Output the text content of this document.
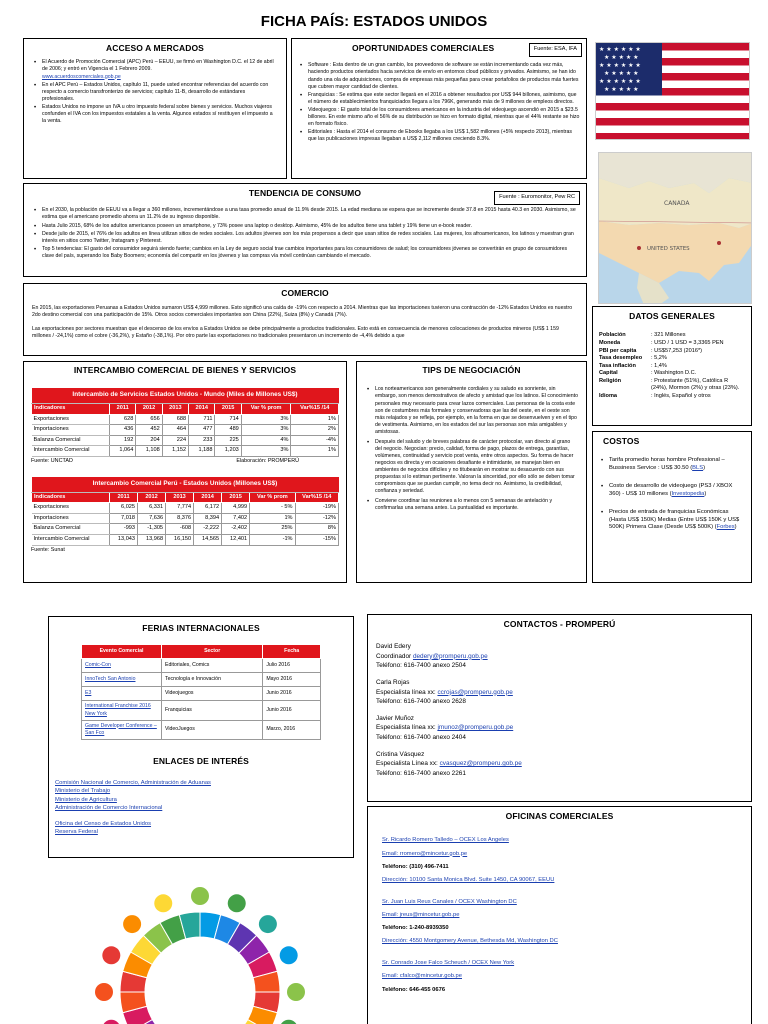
FICHA PAÍS: ESTADOS UNIDOS
ACCESO A MERCADOS
• El Acuerdo de Promoción Comercial (APC) Perú – EEUU, se firmó en Washington D.C. el 12 de abril de 2006; y entró en Vigencia el 1 Febrero 2009.
www.acuerdoscomerciales.gob.pe
• En el APC Perú – Estados Unidos, capítulo 11, puede usted encontrar referencias del acuerdo con respecto a comercio transfronterizo de servicios; capítulo 11-B, desarrollo de estándares profesionales.
• Estados Unidos no impone un IVA u otro impuesto federal sobre bienes y servicios. Muchos viajeros confunden el IVA con los impuestos estatales a la venta. Algunos estados sí restituyen el impuesto a la venta.
OPORTUNIDADES COMERCIALES	Fuente: ESA, IFA
• Software : Esta dentro de un gran cambio, los proveedores de software se están incrementando cada vez más, haciendo productos orientados hacia servicios de envío en entornos cloud públicos y privados. Asimismo, se han ido dando una ola de adquisiciones, compra de empresas más pequeñas para crear portafolios de productos más fuertes que cubren mayor cantidad de clientes.
• Franquicias : Se estima que este sector llegará en el 2016 a obtener resultados por US$ 944 billones, asimismo, que el número de establecimientos franquiciados llegara a los 796K, generando más de 9 millones de empleos directos.
• Videojuegos : El gasto total de los consumidores americanos en la industria del videojuego ascendió en 2015 a $23.5 billones. En este mismo año el 56% de su distribución se hizo en formato digital, mientras que el 44% restante se hizo en formato físico.
• Editoriales : Hasta el 2014 el consumo de Ebooks llegaba a los US$ 1,582 millones (+5% respecto 2013), mientras que las publicaciones impresas llegaban a US$ 2,112 millones creciendo 8.3%.
★ ★ ★ ★ ★ ★
★ ★ ★ ★ ★
★ ★ ★ ★ ★ ★
★ ★ ★ ★ ★
★ ★ ★ ★ ★ ★
★ ★ ★ ★ ★
CANADA
UNITED STATES
TENDENCIA DE CONSUMO	Fuente : Euromonitor, Pew RC
• En el 2030, la población de EEUU va a llegar a 360 millones, incrementándose a una tasa promedio anual de 11.9% desde 2015. La edad mediana se espera que se incremente desde 37.8 en 2015 hasta 40.3 en 2030. Asimismo, se estima que el americano promedio ahorra un 11.2% de su ingreso disponible.
• Hasta Julio 2015, 68% de los adultos americanos poseen un smartphone, y 73% posee una laptop o desktop. Asimismo, 45% de los adultos tiene una tablet y 19% tiene un e-book reader.
• Desde julio de 2015, el 76% de los adultos en línea utilizan sitios de redes sociales. Los adultos jóvenes son los más propensos a decir que usan sitios de redes sociales. Las mujeres, los afroamericanos, los latinos y muestran gran interés en sitios como Twitter, Instagram y Pinterest.
• Top 5 tendencias: El gasto del consumidor seguirá siendo fuerte; cambios en la Ley de seguro social trae cambios importantes para los consumidores de salud; los consumidores jóvenes se convertirán en grupo de consumidores clave del país, superando los Baby Boomers; economía del compartir en los jóvenes y las compras vía móvil continúan cambiando el mercado.
COMERCIO

En 2015, las exportaciones Peruanas a Estados Unidos sumaron US$ 4,999 millones. Esto significó una caída de -19% con respecto a 2014. Mientras que las importaciones tuvieron una contracción de -12% Estados Unidos es nuestro 2do destino comercial con una participación de 15%. Otros socios comerciales importantes son China (22%), Suiza (8%) y Canadá (7%).

Las exportaciones por sectores muestran que el descenso de los envíos a Estados Unidos se debe principalmente a productos tradicionales. Esto está en consecuencia de menores colocaciones de productos mineros (US$ 1 159 millones / -24,1%) como el cobre (-36,2%), y Estaño (-38,1%). Por otro parte las exportaciones no tradicionales presentaron un incremento de -4,4% debido a que

DATOS GENERALES
Población	: 321 Millones
Moneda	: USD / 1 USD = 3,3365 PEN
PBI per capita	: US$57,253 (2016*)
Tasa desempleo	: 5,2%
Tasa inflación	: 1,4%
Capital	: Washington D.C.
Religión	: Protestante (51%), Católica R (24%), Mormon (2%) y otras (23%).
Idioma	: Inglés, Español y otros
INTERCAMBIO COMERCIAL DE BIENES Y SERVICIOS
Intercambio de Servicios Estados Unidos - Mundo (Miles de Millones US$)							
Indicadores	2011	2012	2013	2014	2015	Var % prom	Var%15 /14
Exportaciones	628	656	688	711	714	3%	1%
Importaciones	436	452	464	477	489	3%	2%
Balanza Comercial	192	204	224	233	225	4%	-4%
Intercambio Comercial	1,064	1,108	1,152	1,188	1,203	3%	1%
Fuente: UNCTAD	Elaboración: PROMPERÚ
Intercambio Comercial Perú - Estados Unidos (Millones US$)							
Indicadores	2011	2012	2013	2014	2015	Var % prom	Var%15 /14
Exportaciones	6,025	6,331	7,774	6,172	4,999	- 5%	-19%
Importaciones	7,018	7,636	8,376	8,394	7,402	1%	-12%
Balanza Comercial	-993	-1,305	-608	-2,222	-2,402	25%	8%
Intercambio Comercial	13,043	13,968	16,150	14,565	12,401	-1%	-15%
Fuente: Sunat
TIPS DE NEGOCIACIÓN
• Los norteamericanos son generalmente cordiales y su saludo es sonriente, sin embargo, son menos demostrativos de afecto y amistad que los latinos. El conocimiento personales muy necesario para crear lazos comerciales. Las personas de la costa este son de costumbres más formales y conservadoras que las del oeste, en el oeste son más relajados y se refleja, por ejemplo, en la forma en que se desenvuelven y en el tipo de vestimenta. Asimismo, en los estados del sur las personas son más amigables y amistosas.
• Después del saludo y de breves palabras de carácter protocolar, van directo al grano del negocio. Negocian: precio, calidad, forma de pago, plazos de entrega, garantías, volúmenes, continuidad y servicio post venta, entre otros aspectos. Su forma de hacer negocios es directa y en ocasiones desafiante e intimidante, se manejan bien en ambientes de negocios difíciles y no titubearán en mostrar su desacuerdo con sus propuestas si lo estiman pertinente. Valoran la sinceridad, por ello sólo se deben tomar compromisos que se puedan cumplir, no tema decir no. Asimismo, la credibilidad, confianza y seriedad.
• Conviene coordinar las reuniones a lo menos con 5 semanas de antelación y confirmarlas una semana antes. La puntualidad es importante.
COSTOS
• Tarifa promedio horas hombre Professional – Bussiness Service : US$ 30.50 (BLS)
• Costo de desarrollo de videojuego (PS3 / XBOX 360) - US$ 10 millones (Investopedia)
• Precios de entrada de franquicias Económicas (Hasta US$ 150K) Medias (Entre US$ 150K y US$ 500K) Primera Clase (Desde US$ 500K) (Forbes)
FERIAS INTERNACIONALES
Evento Comercial	Sector	Fecha
Comic-Con	Editoriales, Comics	Julio 2016
InnoTech San Antonio	Tecnología e Innovación	Mayo 2016
E3	Videojuegos	Junio 2016
International Franchise 2016 New York	Franquicias	Junio 2016
Game Developer Conference – San Fco	VideoJuegos	Marzo, 2016
ENLACES DE INTERÉS
Comisión Nacional de Comercio, Administración de Aduanas
Ministerio del Trabajo
Ministerio de Agricultura
Administración de Comercio Internacional
Oficina del Censo de Estados Unidos
Reserva Federal
CONTACTOS - PROMPERÚ
David Edery
Coordinador dedery@promperu.gob.pe
Teléfono: 616-7400 anexo 2504
Carla Rojas
Especialista línea xx: ccrojas@promperu.gob.pe
Teléfono: 616-7400 anexo 2628
Javier Muñoz
Especialista línea xx: jmunoz@promperu.gob.pe
Teléfono: 616-7400 anexo 2404
Cristina Vásquez
Especialista Línea xx: cvasquez@promperu.gob.pe
Teléfono: 616-7400 anexo 2261
OFICINAS COMERCIALES

Sr. Ricardo Romero Talledo – OCEX Los Angeles

Email: rromero@mincetur.gob.pe

Teléfono: (310) 496-7411

Dirección: 10100 Santa Monica Blvd. Suite 1450, CA 90067, EEUU

Sr. Juan Luis Reus Canales / OCEX Washington DC

Email: jreus@mincetur.gob.pe

Teléfono: 1-240-8939350

Dirección: 4550 Montgomery Avenue, Bethesda Md, Washington DC

Sr. Conrado Jose Falco Scheuch / OCEX New York

Email: cfalco@mincetur.gob.pe

Teléfono: 646-455 0676
